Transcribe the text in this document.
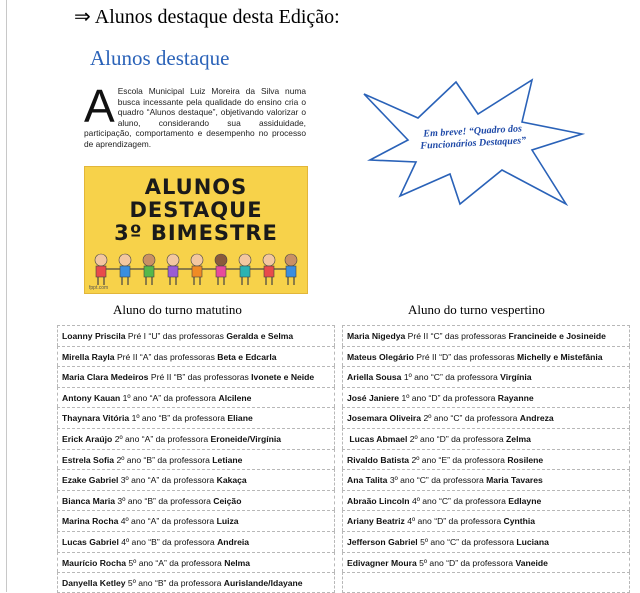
⇒ Alunos destaque desta Edição:
Alunos destaque
A Escola Municipal Luiz Moreira da Silva numa busca incessante pela qualidade do ensino cria o quadro “Alunos destaque”, objetivando valorizar o aluno, considerando sua assiduidade, participação, comportamento e desempenho no processo de aprendizagem.
ALUNOS
DESTAQUE
3º BIMESTRE
fppt.com
Em breve! “Quadro dos
Funcionários Destaques”
Aluno do turno matutino	Aluno do turno vespertino
Loanny Priscila Pré I “U” das professoras Geralda e Selma
Mirella Rayla Pré II “A” das professoras Beta e Edcarla
Maria Clara Medeiros Pré II “B” das professoras Ivonete e Neide
Antony Kauan 1º ano “A” da professora Alcilene
Thaynara Vitória 1º ano “B” da professora Eliane
Erick Araújo 2º ano “A” da professora Eroneide/Virgínia
Estrela Sofia 2º ano “B” da professora Letiane
Ezake Gabriel 3º ano “A” da professora Kakaça
Bianca Maria 3º ano “B” da professora Ceição
Marina Rocha 4º ano “A” da professora Luiza
Lucas Gabriel 4º ano “B” da professora Andreia
Maurício Rocha 5º ano “A” da professora Nelma
Danyella Ketley 5º ano “B” da professora Aurislande/Idayane
Maria Nigedya Pré II “C” das professoras Francineide e Josineide
Mateus Olegário Pré II “D” das professoras Michelly e Mistefânia
Ariella Sousa 1º ano “C” da professora Virgínia
José Janiere 1º ano “D” da professora Rayanne
Josemara Oliveira 2º ano “C” da professora Andreza
Lucas Abmael 2º ano “D” da professora Zelma
Rivaldo Batista 2º ano “E” da professora Rosilene
Ana Talita 3º ano “C” da professora Maria Tavares
Abraão Lincoln 4º ano “C” da professora Edlayne
Ariany Beatriz 4º ano “D” da professora Cynthia
Jefferson Gabriel 5º ano “C” da professora Luciana
Edivagner Moura 5º ano “D” da professora Vaneide
